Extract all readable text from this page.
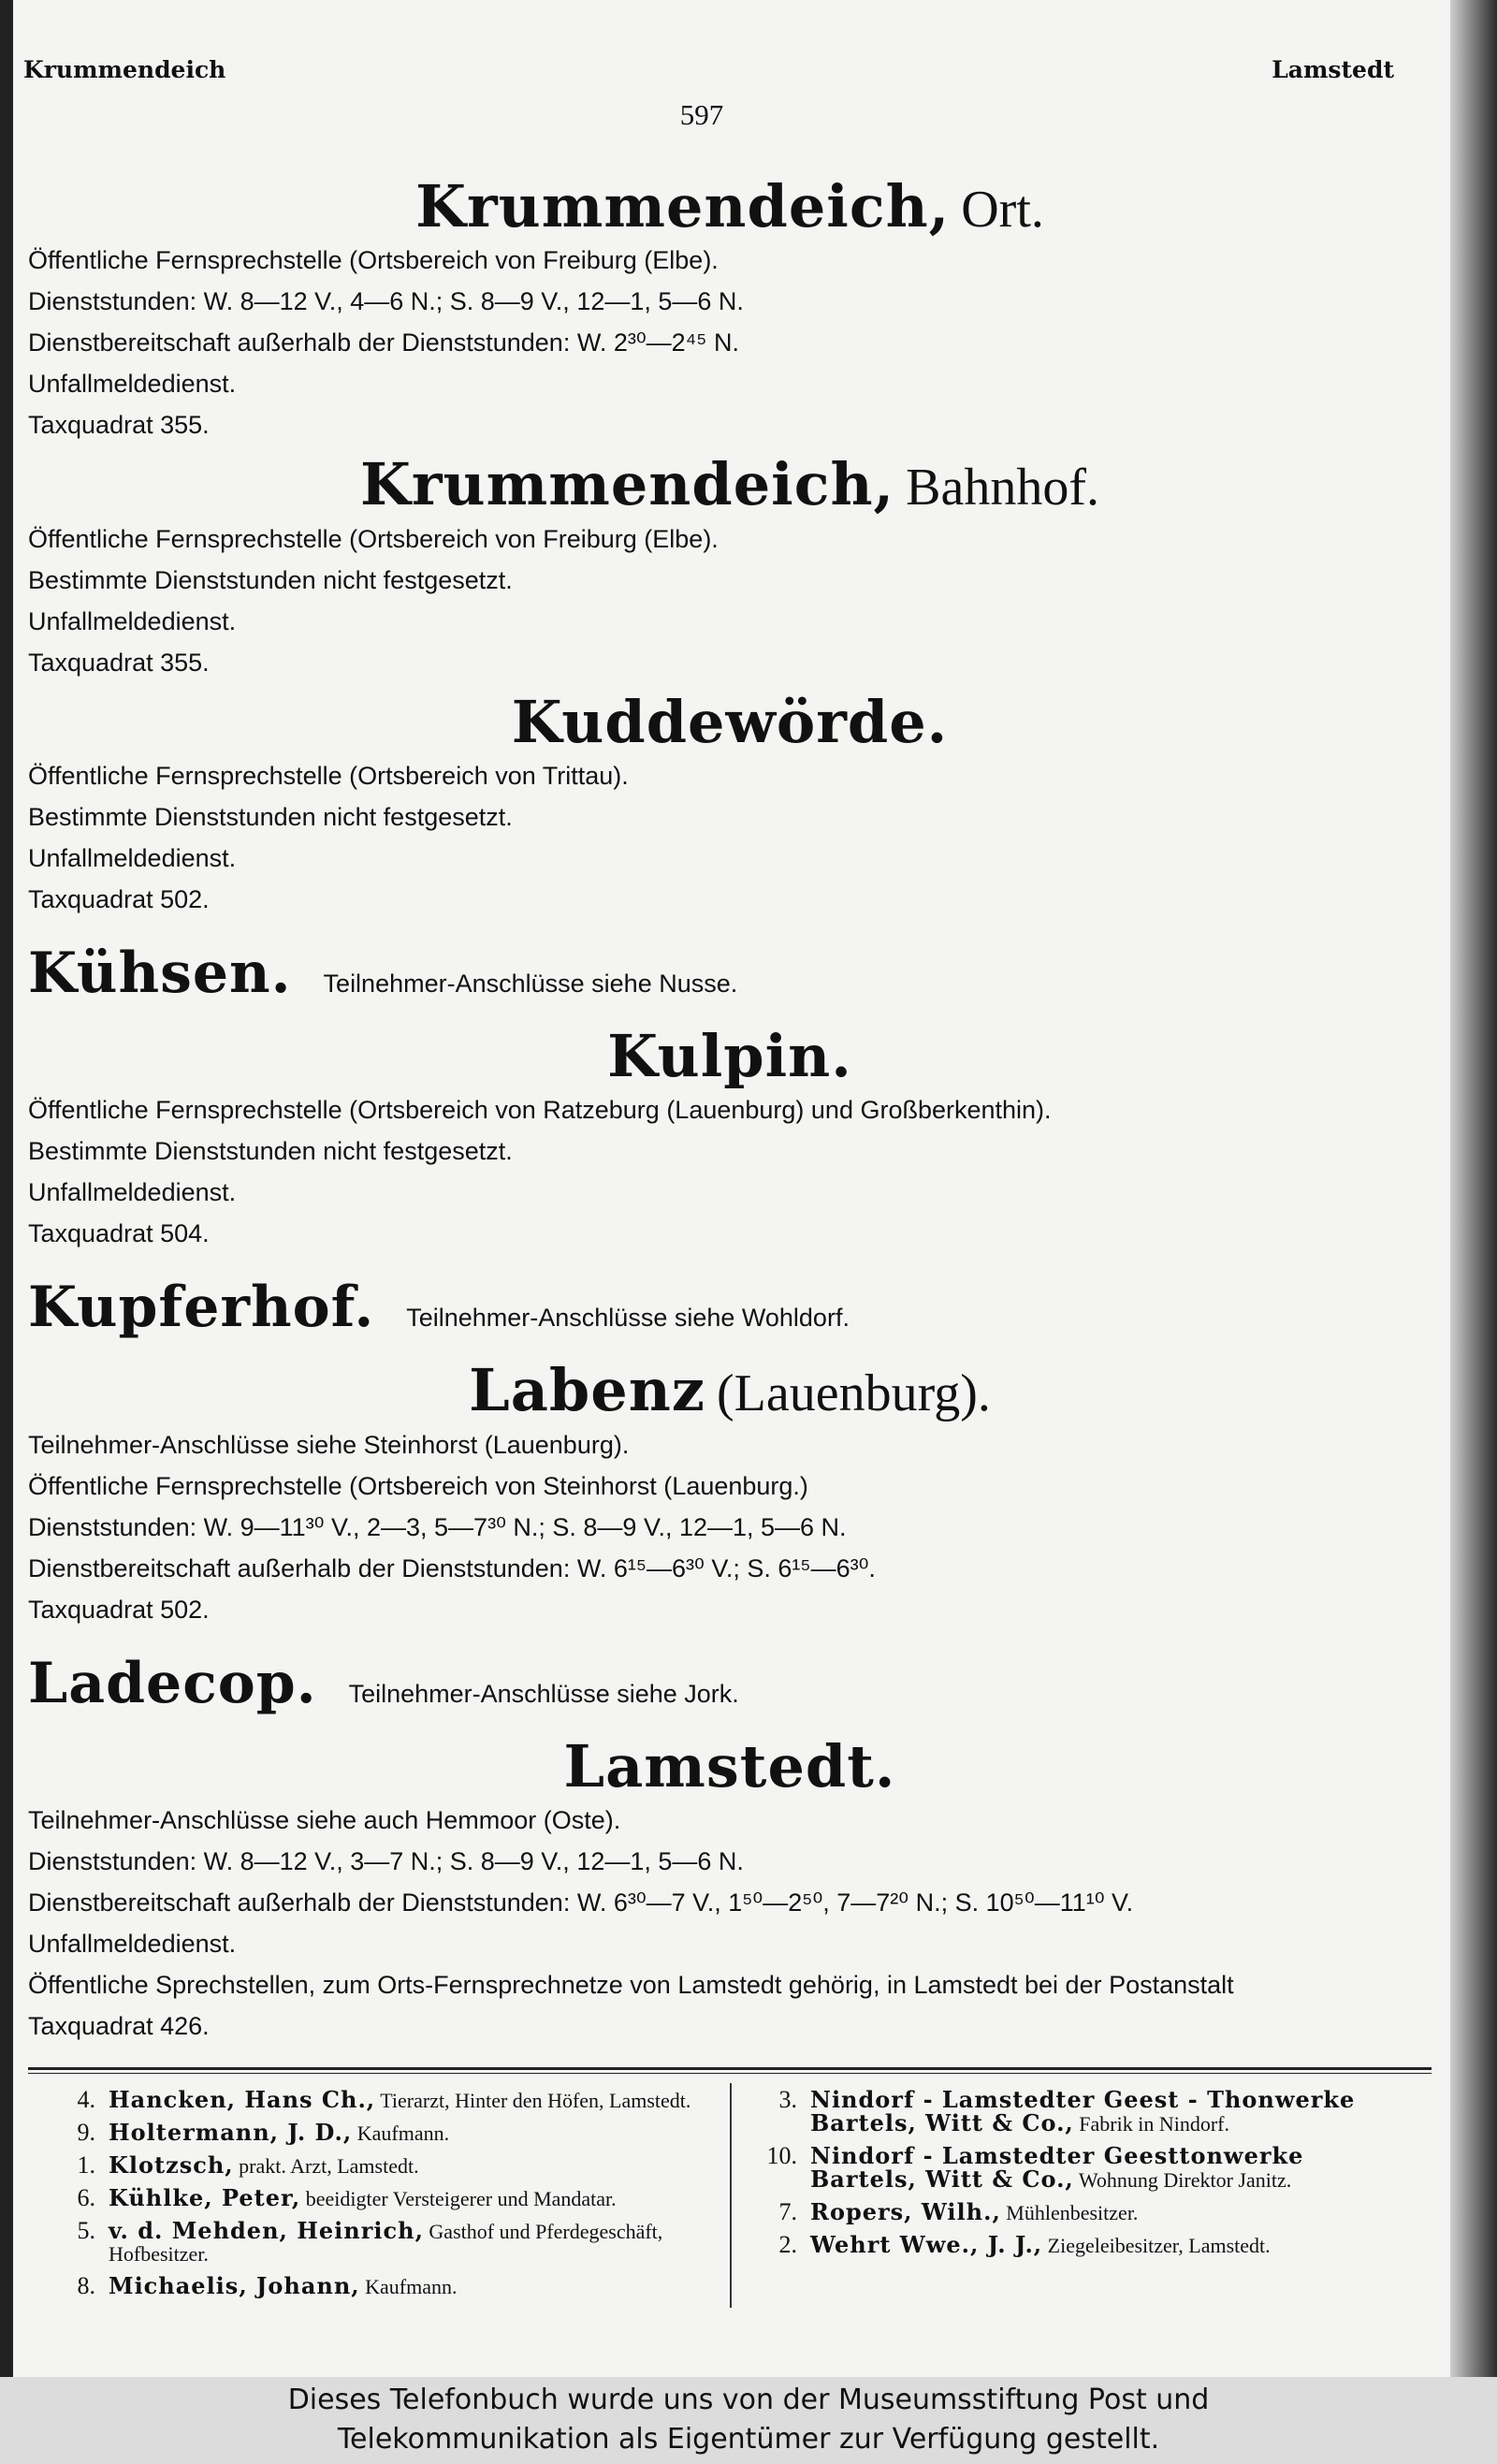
Krummendeich	Lamstedt
597

Krummendeich, Ort.

Öffentliche Fernsprechstelle (Ortsbereich von Freiburg (Elbe).

Dienststunden: W. 8—12 V., 4—6 N.; S. 8—9 V., 12—1, 5—6 N.

Dienstbereitschaft außerhalb der Dienststunden: W. 2³⁰—2⁴⁵ N.

Unfallmeldedienst.

Taxquadrat 355.

Krummendeich, Bahnhof.

Öffentliche Fernsprechstelle (Ortsbereich von Freiburg (Elbe).

Bestimmte Dienststunden nicht festgesetzt.

Unfallmeldedienst.

Taxquadrat 355.

Kuddewörde.

Öffentliche Fernsprechstelle (Ortsbereich von Trittau).

Bestimmte Dienststunden nicht festgesetzt.

Unfallmeldedienst.

Taxquadrat 502.

Kühsen. Teilnehmer-Anschlüsse siehe Nusse.

Kulpin.

Öffentliche Fernsprechstelle (Ortsbereich von Ratzeburg (Lauenburg) und Großberkenthin).

Bestimmte Dienststunden nicht festgesetzt.

Unfallmeldedienst.

Taxquadrat 504.

Kupferhof. Teilnehmer-Anschlüsse siehe Wohldorf.

Labenz (Lauenburg).

Teilnehmer-Anschlüsse siehe Steinhorst (Lauenburg).

Öffentliche Fernsprechstelle (Ortsbereich von Steinhorst (Lauenburg.)

Dienststunden: W. 9—11³⁰ V., 2—3, 5—7³⁰ N.; S. 8—9 V., 12—1, 5—6 N.

Dienstbereitschaft außerhalb der Dienststunden: W. 6¹⁵—6³⁰ V.; S. 6¹⁵—6³⁰.

Taxquadrat 502.

Ladecop. Teilnehmer-Anschlüsse siehe Jork.

Lamstedt.

Teilnehmer-Anschlüsse siehe auch Hemmoor (Oste).

Dienststunden: W. 8—12 V., 3—7 N.; S. 8—9 V., 12—1, 5—6 N.

Dienstbereitschaft außerhalb der Dienststunden: W. 6³⁰—7 V., 1⁵⁰—2⁵⁰, 7—7²⁰ N.; S. 10⁵⁰—11¹⁰ V.

Unfallmeldedienst.

Öffentliche Sprechstellen, zum Orts-Fernsprechnetze von Lamstedt gehörig, in Lamstedt bei der Postanstalt

Taxquadrat 426.

4. Hancken, Hans Ch., Tierarzt, Hinter den Höfen, Lamstedt.
9. Holtermann, J. D., Kaufmann.
1. Klotzsch, prakt. Arzt, Lamstedt.
6. Kühlke, Peter, beeidigter Versteigerer und Mandatar.
5. v. d. Mehden, Heinrich, Gasthof und Pferdegeschäft, Hofbesitzer.
8. Michaelis, Johann, Kaufmann.
3. Nindorf - Lamstedter Geest - Thonwerke Bartels, Witt & Co., Fabrik in Nindorf.
10. Nindorf - Lamstedter Geesttonwerke Bartels, Witt & Co., Wohnung Direktor Janitz.
7. Ropers, Wilh., Mühlenbesitzer.
2. Wehrt Wwe., J. J., Ziegeleibesitzer, Lamstedt.
Dieses Telefonbuch wurde uns von der Museumsstiftung Post und
Telekommunikation als Eigentümer zur Verfügung gestellt.
